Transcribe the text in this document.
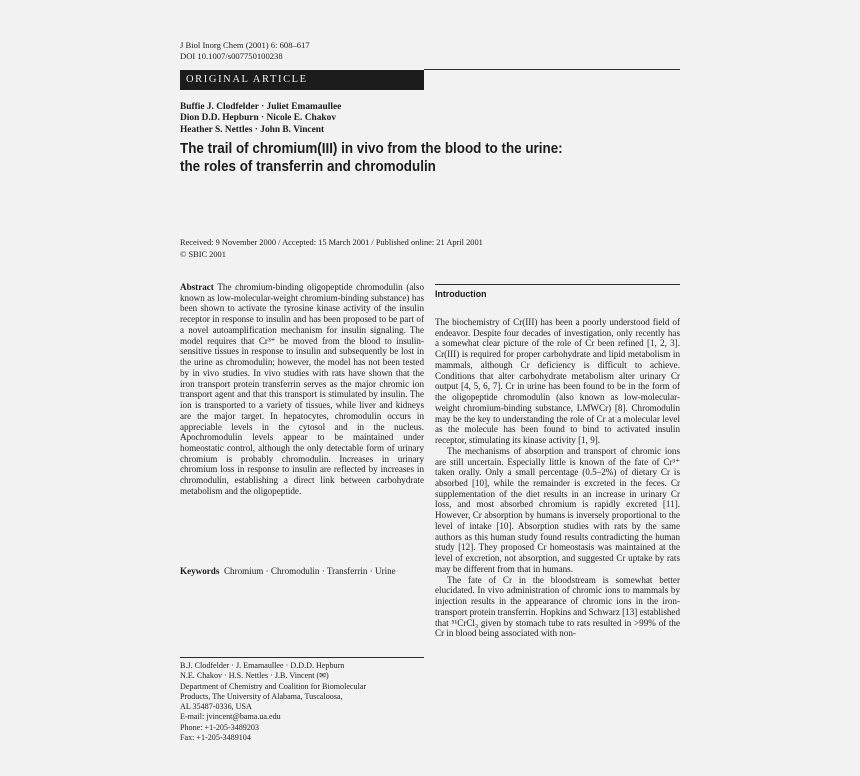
J Biol Inorg Chem (2001) 6: 608–617
DOI 10.1007/s007750100238
ORIGINAL ARTICLE
Buffie J. Clodfelder · Juliet Emamaullee
Dion D.D. Hepburn · Nicole E. Chakov
Heather S. Nettles · John B. Vincent
The trail of chromium(III) in vivo from the blood to the urine:
the roles of transferrin and chromodulin
Received: 9 November 2000 / Accepted: 15 March 2001 / Published online: 21 April 2001
© SBIC 2001

Abstract The chromium-binding oligopeptide chromodulin (also known as low-molecular-weight chromium-binding substance) has been shown to activate the tyrosine kinase activity of the insulin receptor in response to insulin and has been proposed to be part of a novel autoamplification mechanism for insulin signaling. The model requires that Cr³⁺ be moved from the blood to insulin-sensitive tissues in response to insulin and subsequently be lost in the urine as chromodulin; however, the model has not been tested by in vivo studies. In vivo studies with rats have shown that the iron transport protein transferrin serves as the major chromic ion transport agent and that this transport is stimulated by insulin. The ion is transported to a variety of tissues, while liver and kidneys are the major target. In hepatocytes, chromodulin occurs in appreciable levels in the cytosol and in the nucleus. Apochromodulin levels appear to be maintained under homeostatic control, although the only detectable form of urinary chromium is probably chromodulin. Increases in urinary chromium loss in response to insulin are reflected by increases in chromodulin, establishing a direct link between carbohydrate metabolism and the oligopeptide.

Keywords Chromium · Chromodulin · Transferrin · Urine

B.J. Clodfelder · J. Emamaullee · D.D.D. Hepburn
N.E. Chakov · H.S. Nettles · J.B. Vincent (✉)
Department of Chemistry and Coalition for Biomolecular
Products, The University of Alabama, Tuscaloosa,
AL 35487-0336, USA
E-mail: jvincent@bama.ua.edu
Phone: +1-205-3489203
Fax: +1-205-3489104
Introduction

The biochemistry of Cr(III) has been a poorly understood field of endeavor. Despite four decades of investigation, only recently has a somewhat clear picture of the role of Cr been refined [1, 2, 3]. Cr(III) is required for proper carbohydrate and lipid metabolism in mammals, although Cr deficiency is difficult to achieve. Conditions that alter carbohydrate metabolism alter urinary Cr output [4, 5, 6, 7]. Cr in urine has been found to be in the form of the oligopeptide chromodulin (also known as low-molecular-weight chromium-binding substance, LMWCr) [8]. Chromodulin may be the key to understanding the role of Cr at a molecular level as the molecule has been found to bind to activated insulin receptor, stimulating its kinase activity [1, 9].

The mechanisms of absorption and transport of chromic ions are still uncertain. Especially little is known of the fate of Cr³⁺ taken orally. Only a small percentage (0.5–2%) of dietary Cr is absorbed [10], while the remainder is excreted in the feces. Cr supplementation of the diet results in an increase in urinary Cr loss, and most absorbed chromium is rapidly excreted [11]. However, Cr absorption by humans is inversely proportional to the level of intake [10]. Absorption studies with rats by the same authors as this human study found results contradicting the human study [12]. They proposed Cr homeostasis was maintained at the level of excretion, not absorption, and suggested Cr uptake by rats may be different from that in humans.

The fate of Cr in the bloodstream is somewhat better elucidated. In vivo administration of chromic ions to mammals by injection results in the appearance of chromic ions in the iron-transport protein transferrin. Hopkins and Schwarz [13] established that ⁵¹CrCl₃ given by stomach tube to rats resulted in >99% of the Cr in blood being associated with non-
